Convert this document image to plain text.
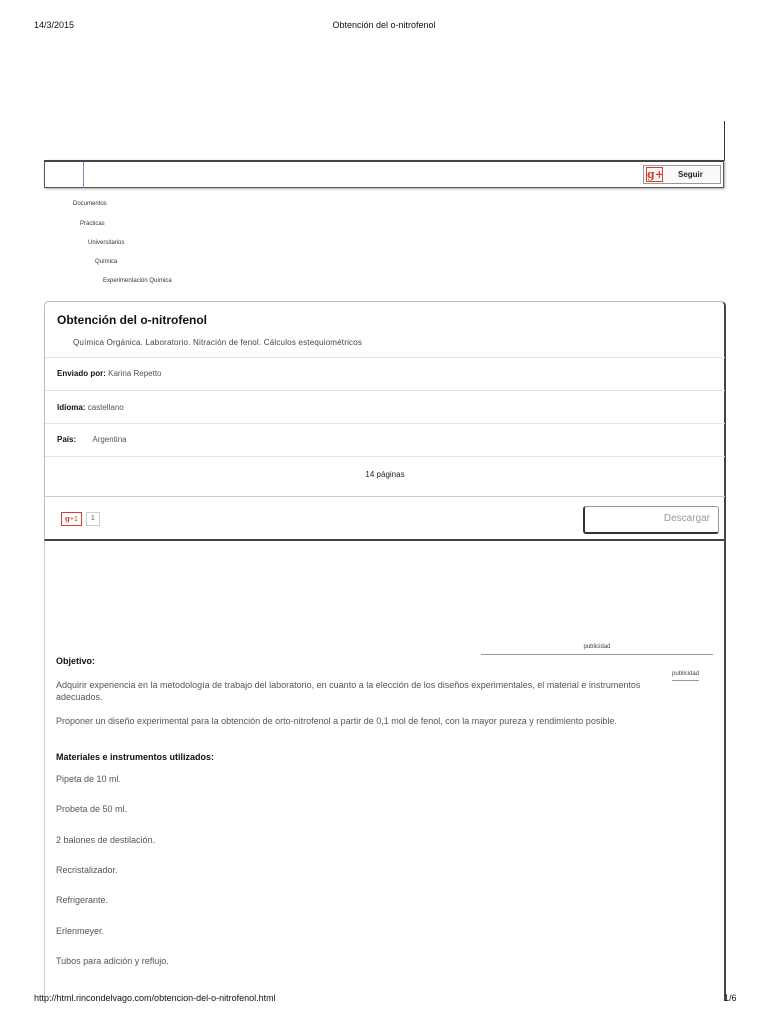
14/3/2015	Obtención del o-nitrofenol
g+ Seguir
Documentos
Prácticas
Universitarios
Química
Experimentación Química
Obtención del o-nitrofenol
Química Orgánica. Laboratorio. Nitración de fenol. Cálculos estequiométricos
Enviado por: Karina Repetto
Idioma: castellano
País: Argentina
14 páginas
g+1 1	Descargar
publicidad
publicidad
Objetivo:
Adquirir experiencia en la metodología de trabajo del laboratorio, en cuanto a la elección de los diseños experimentales, el material e instrumentos adecuados.
Proponer un diseño experimental para la obtención de orto-nitrofenol a partir de 0,1 mol de fenol, con la mayor pureza y rendimiento posible.
Materiales e instrumentos utilizados:
Pipeta de 10 ml.
Probeta de 50 ml.
2 balones de destilación.
Recristalizador.
Refrigerante.
Erlenmeyer.
Tubos para adición y reflujo.
http://html.rincondelvago.com/obtencion-del-o-nitrofenol.html	1/6
